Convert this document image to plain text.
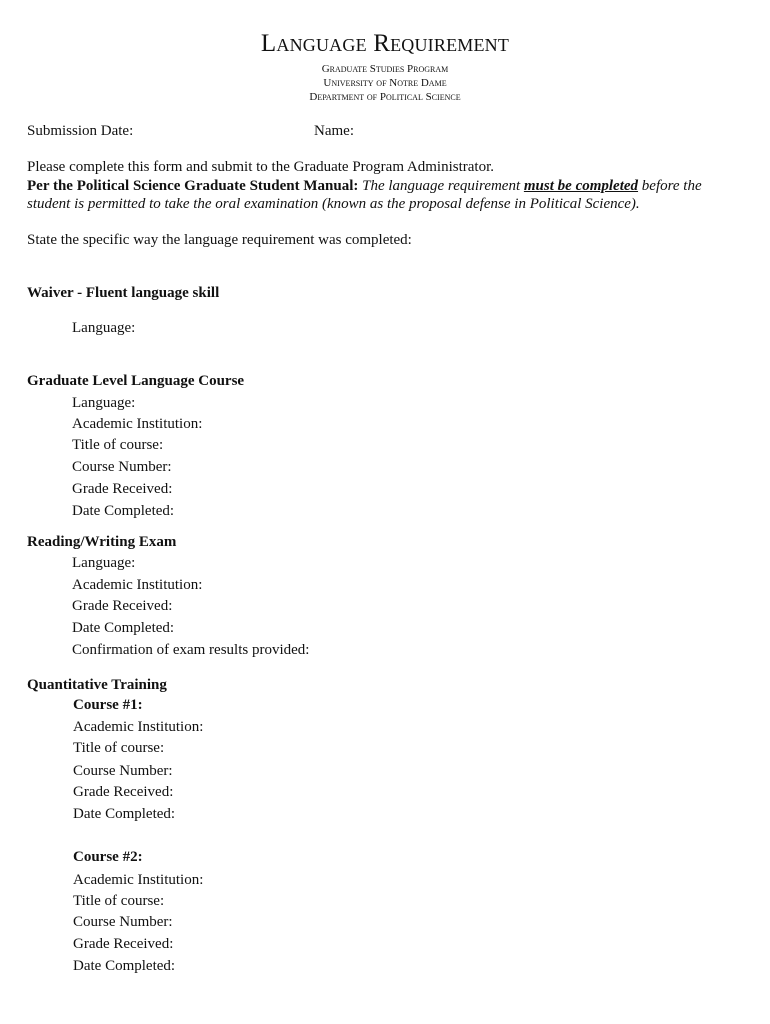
Language Requirement
Graduate Studies Program
University of Notre Dame
Department of Political Science
Submission Date:	Name:
Please complete this form and submit to the Graduate Program Administrator.
Per the Political Science Graduate Student Manual: The language requirement must be completed before the
student is permitted to take the oral examination (known as the proposal defense in Political Science).
State the specific way the language requirement was completed:
Waiver - Fluent language skill
Language:
Graduate Level Language Course
Language:
Academic Institution:
Title of course:
Course Number:
Grade Received:
Date Completed:
Reading/Writing Exam
Language:
Academic Institution:
Grade Received:
Date Completed:
Confirmation of exam results provided:
Quantitative Training
Course #1:
Academic Institution:
Title of course:
Course Number:
Grade Received:
Date Completed:
Course #2:
Academic Institution:
Title of course:
Course Number:
Grade Received:
Date Completed:
